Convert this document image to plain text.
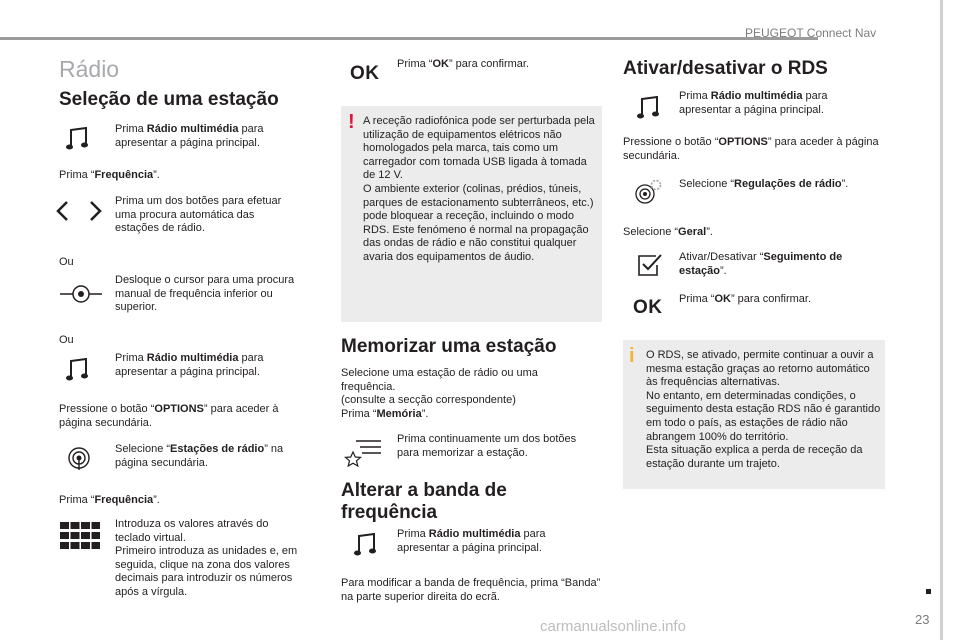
PEUGEOT Connect Nav
23
carmanualsonline.info
Rádio
Seleção de uma estação
Prima Rádio multimédia para apresentar a página principal.
Prima “Frequência”.
Prima um dos botões para efetuar uma procura automática das estações de rádio.
Ou
Desloque o cursor para uma procura manual de frequência inferior ou superior.
Ou
Prima Rádio multimédia para apresentar a página principal.
Pressione o botão “OPTIONS” para aceder à página secundária.
Selecione “Estações de rádio” na página secundária.
Prima “Frequência”.
Introduza os valores através do teclado virtual.
Primeiro introduza as unidades e, em seguida, clique na zona dos valores decimais para introduzir os números após a vírgula.
OK Prima “OK” para confirmar.
! A receção radiofónica pode ser perturbada pela utilização de equipamentos elétricos não homologados pela marca, tais como um carregador com tomada USB ligada à tomada de 12 V.
O ambiente exterior (colinas, prédios, túneis, parques de estacionamento subterrâneos, etc.) pode bloquear a receção, incluindo o modo RDS. Este fenómeno é normal na propagação das ondas de rádio e não constitui qualquer avaria dos equipamentos de áudio.
Memorizar uma estação
Selecione uma estação de rádio ou uma frequência.
(consulte a secção correspondente)
Prima “Memória”.
Prima continuamente um dos botões para memorizar a estação.
Alterar a banda de frequência
Prima Rádio multimédia para apresentar a página principal.
Para modificar a banda de frequência, prima “Banda” na parte superior direita do ecrã.
Ativar/desativar o RDS
Prima Rádio multimédia para apresentar a página principal.
Pressione o botão “OPTIONS” para aceder à página secundária.
Selecione “Regulações de rádio”.
Selecione “Geral”.
Ativar/Desativar “Seguimento de estação”.
OK Prima “OK” para confirmar.
i O RDS, se ativado, permite continuar a ouvir a mesma estação graças ao retorno automático às frequências alternativas.
No entanto, em determinadas condições, o seguimento desta estação RDS não é garantido em todo o país, as estações de rádio não abrangem 100% do território.
Esta situação explica a perda de receção da estação durante um trajeto.
